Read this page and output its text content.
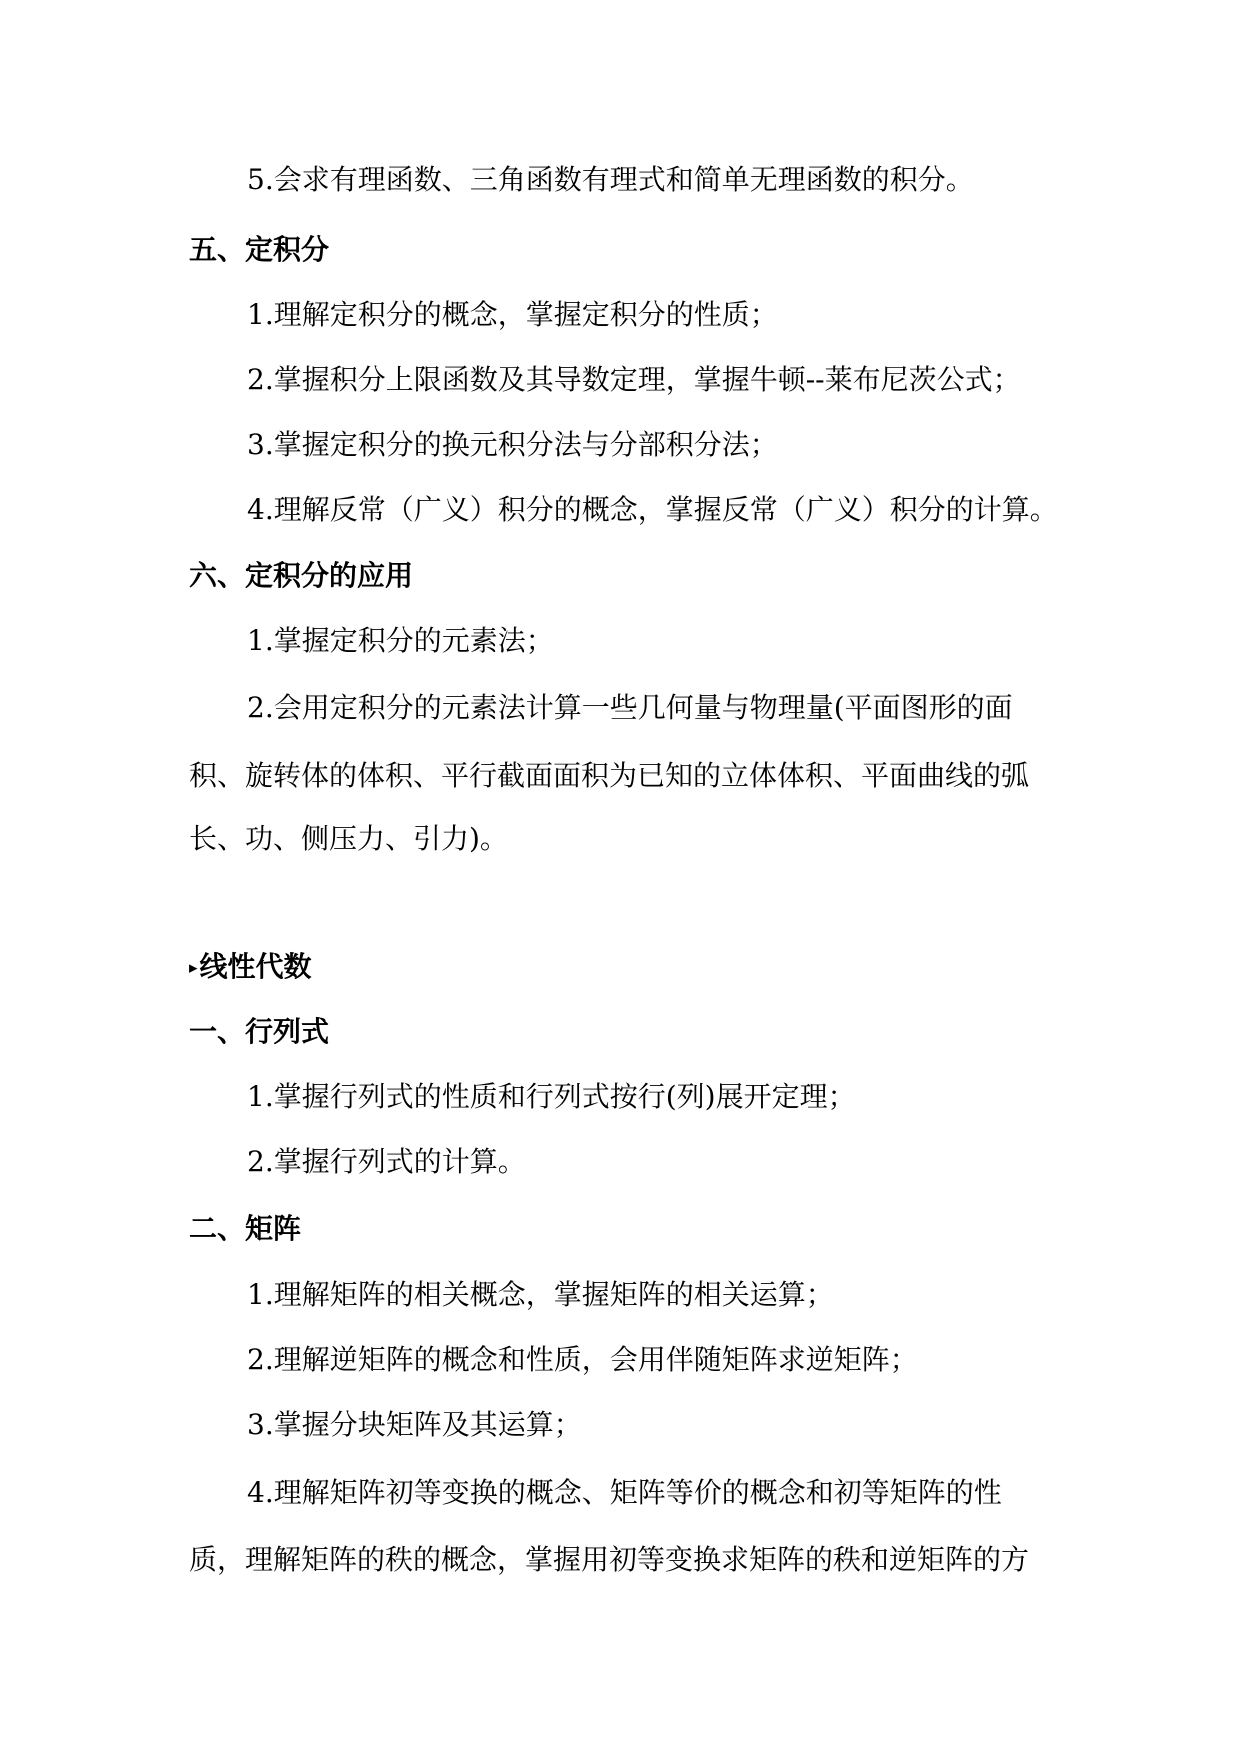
5.会求有理函数、三角函数有理式和简单无理函数的积分。
五、定积分
1.理解定积分的概念，掌握定积分的性质；
2.掌握积分上限函数及其导数定理，掌握牛顿--莱布尼茨公式；
3.掌握定积分的换元积分法与分部积分法；
4.理解反常（广义）积分的概念，掌握反常（广义）积分的计算。
六、定积分的应用
1.掌握定积分的元素法；
2.会用定积分的元素法计算一些几何量与物理量(平面图形的面
积、旋转体的体积、平行截面面积为已知的立体体积、平面曲线的弧
长、功、侧压力、引力)。
▸线性代数
一、行列式
1.掌握行列式的性质和行列式按行(列)展开定理；
2.掌握行列式的计算。
二、矩阵
1.理解矩阵的相关概念，掌握矩阵的相关运算；
2.理解逆矩阵的概念和性质，会用伴随矩阵求逆矩阵；
3.掌握分块矩阵及其运算；
4.理解矩阵初等变换的概念、矩阵等价的概念和初等矩阵的性
质，理解矩阵的秩的概念，掌握用初等变换求矩阵的秩和逆矩阵的方
